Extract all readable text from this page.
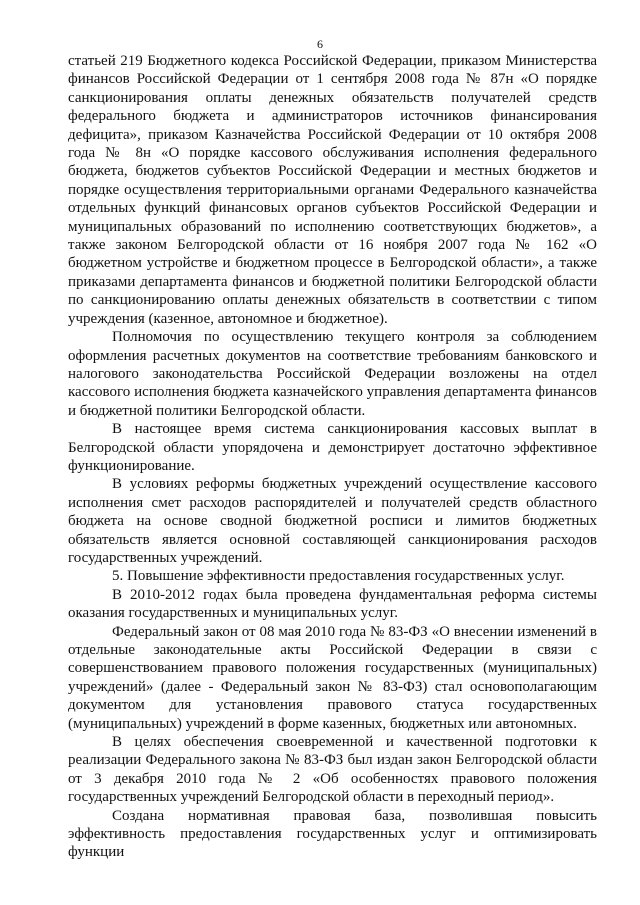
6

статьей 219 Бюджетного кодекса Российской Федерации, приказом Министерства финансов Российской Федерации от 1 сентября 2008 года № 87н «О порядке санкционирования оплаты денежных обязательств получателей средств федерального бюджета и администраторов источников финансирования дефицита», приказом Казначейства Российской Федерации от 10 октября 2008 года № 8н «О порядке кассового обслуживания исполнения федерального бюджета, бюджетов субъектов Российской Федерации и местных бюджетов и порядке осуществления территориальными органами Федерального казначейства отдельных функций финансовых органов субъектов Российской Федерации и муниципальных образований по исполнению соответствующих бюджетов», а также законом Белгородской области от 16 ноября 2007 года № 162 «О бюджетном устройстве и бюджетном процессе в Белгородской области», а также приказами департамента финансов и бюджетной политики Белгородской области по санкционированию оплаты денежных обязательств в соответствии с типом учреждения (казенное, автономное и бюджетное).

Полномочия по осуществлению текущего контроля за соблюдением оформления расчетных документов на соответствие требованиям банковского и налогового законодательства Российской Федерации возложены на отдел кассового исполнения бюджета казначейского управления департамента финансов и бюджетной политики Белгородской области.

В настоящее время система санкционирования кассовых выплат в Белгородской области упорядочена и демонстрирует достаточно эффективное функционирование.

В условиях реформы бюджетных учреждений осуществление кассового исполнения смет расходов распорядителей и получателей средств областного бюджета на основе сводной бюджетной росписи и лимитов бюджетных обязательств является основной составляющей санкционирования расходов государственных учреждений.

5. Повышение эффективности предоставления государственных услуг.

В 2010-2012 годах была проведена фундаментальная реформа системы оказания государственных и муниципальных услуг.

Федеральный закон от 08 мая 2010 года № 83-ФЗ «О внесении изменений в отдельные законодательные акты Российской Федерации в связи с совершенствованием правового положения государственных (муниципальных) учреждений» (далее - Федеральный закон № 83-ФЗ) стал основополагающим документом для установления правового статуса государственных (муниципальных) учреждений в форме казенных, бюджетных или автономных.

В целях обеспечения своевременной и качественной подготовки к реализации Федерального закона № 83-ФЗ был издан закон Белгородской области от 3 декабря 2010 года № 2 «Об особенностях правового положения государственных учреждений Белгородской области в переходный период».

Создана нормативная правовая база, позволившая повысить эффективность предоставления государственных услуг и оптимизировать функции
